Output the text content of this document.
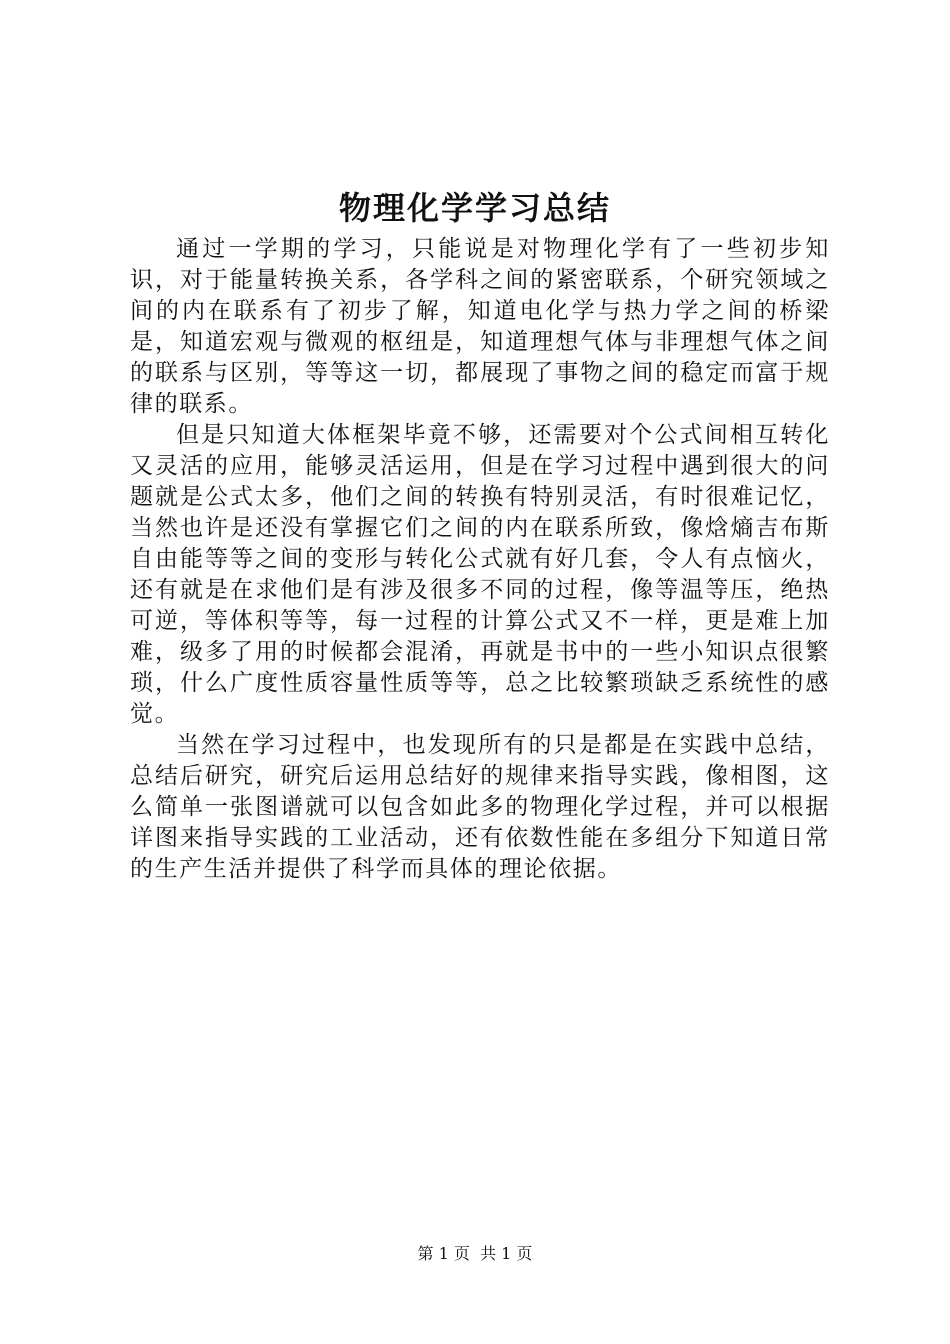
物理化学学习总结

通过一学期的学习，只能说是对物理化学有了一些初步知识，对于能量转换关系，各学科之间的紧密联系，个研究领域之间的内在联系有了初步了解，知道电化学与热力学之间的桥梁是，知道宏观与微观的枢纽是，知道理想气体与非理想气体之间的联系与区别，等等这一切，都展现了事物之间的稳定而富于规律的联系。

但是只知道大体框架毕竟不够，还需要对个公式间相互转化又灵活的应用，能够灵活运用，但是在学习过程中遇到很大的问题就是公式太多，他们之间的转换有特别灵活，有时很难记忆，当然也许是还没有掌握它们之间的内在联系所致，像焓熵吉布斯自由能等等之间的变形与转化公式就有好几套，令人有点恼火，还有就是在求他们是有涉及很多不同的过程，像等温等压，绝热可逆，等体积等等，每一过程的计算公式又不一样，更是难上加难，级多了用的时候都会混淆，再就是书中的一些小知识点很繁琐，什么广度性质容量性质等等，总之比较繁琐缺乏系统性的感觉。

当然在学习过程中，也发现所有的只是都是在实践中总结，总结后研究，研究后运用总结好的规律来指导实践，像相图，这么简单一张图谱就可以包含如此多的物理化学过程，并可以根据详图来指导实践的工业活动，还有依数性能在多组分下知道日常的生产生活并提供了科学而具体的理论依据。

第 1 页 共 1 页
